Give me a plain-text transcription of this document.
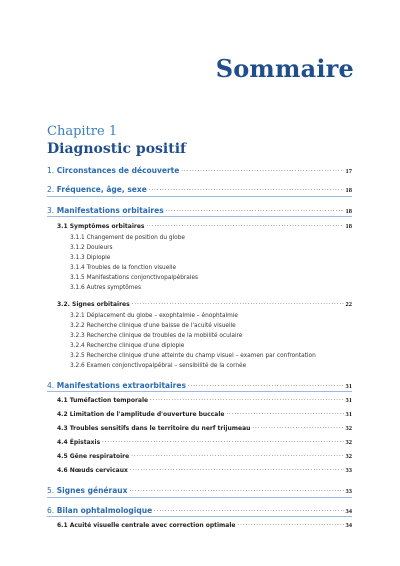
Sommaire
Chapitre 1
Diagnostic positif
1. Circonstances de découverte .....	17
2. Fréquence, âge, sexe .....	18
3. Manifestations orbitaires .....	18
3.1 Symptômes orbitaires .....	18
3.1.1 Changement de position du globe
3.1.2 Douleurs
3.1.3 Diplopie
3.1.4 Troubles de la fonction visuelle
3.1.5 Manifestations conjonctivopalpébrales
3.1.6 Autres symptômes
3.2. Signes orbitaires .....	22
3.2.1 Déplacement du globe – exophtalmie – énophtalmie
3.2.2 Recherche clinique d'une baisse de l'acuité visuelle
3.2.3 Recherche clinique de troubles de la mobilité oculaire
3.2.4 Recherche clinique d'une diplopie
3.2.5 Recherche clinique d'une atteinte du champ visuel – examen par confrontation
3.2.6 Examen conjonctivopalpébral – sensibilité de la cornée
4. Manifestations extraorbitaires .....	31
4.1 Tuméfaction temporale .....	31
4.2 Limitation de l'amplitude d'ouverture buccale .....	31
4.3 Troubles sensitifs dans le territoire du nerf trijumeau .....	32
4.4 Épistaxis .....	32
4.5 Gêne respiratoire .....	32
4.6 Nœuds cervicaux .....	33
5. Signes généraux .....	33
6. Bilan ophtalmologique .....	34
6.1 Acuité visuelle centrale avec correction optimale .....	34
